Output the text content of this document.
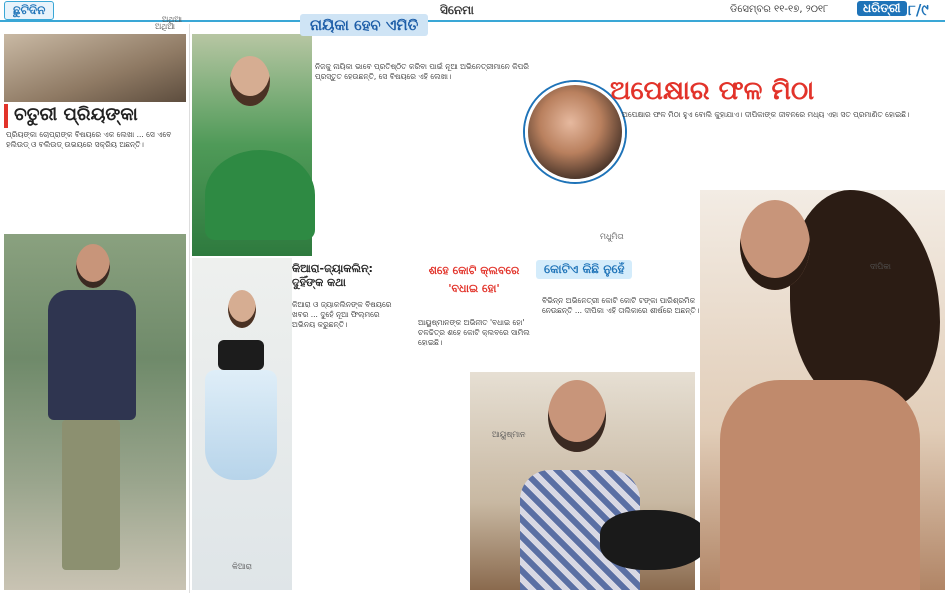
ଛୁଟିଦିନ	ସିନେମା	ଡିସେମ୍ବର ୧୧-୧୭, ୨୦୧୮	ଧରିତ୍ରୀ ୮/୯
ଅଥିଆ
ଚତୁରୀ ପ୍ରିୟଙ୍କା
ପ୍ରିୟଙ୍କା ଚୋପ୍ରାଙ୍କ ବିଷୟରେ ଏକ ଲେଖା ... ସେ ଏବେ ହଲିଉଡ୍ ଓ ବଲିଉଡ୍ ଉଭୟରେ ସକ୍ରିୟ ଅଛନ୍ତି।
ଅଥିଆ	ନାୟିକା ହେବ ଏମିତି
ନିଜକୁ ନାୟିକା ଭାବେ ପ୍ରତିଷ୍ଠିତ କରିବା ପାଇଁ ନୂଆ ଅଭିନେତ୍ରୀମାନେ କିପରି ପ୍ରସ୍ତୁତ ହେଉଛନ୍ତି, ସେ ବିଷୟରେ ଏହି ଲେଖା।
ମଧୁମିତା
ଅପେକ୍ଷାର ଫଳ ମିଠା
ଅପେକ୍ଷାର ଫଳ ମିଠା ହୁଏ ବୋଲି କୁହାଯାଏ। ଦୀପିକାଙ୍କ ଜୀବନରେ ମଧ୍ୟ ଏହା ସତ ପ୍ରମାଣିତ ହୋଇଛି।
କିଆରା
କିଆରା-ଜ୍ୟାକଲିନ୍: ଦୁହିଁଙ୍କ କଥା
କିଆରା ଓ ଜ୍ୟାକଲିନଙ୍କ ବିଷୟରେ ଖବର ... ଦୁହେଁ ନୂଆ ଫିଲ୍ମରେ ଅଭିନୟ କରୁଛନ୍ତି।
ଶହେ କୋଟି କ୍ଲବରେ 'ବଧାଇ ହୋ'
ଆୟୁଷ୍ମାନଙ୍କ ଅଭିନୀତ 'ବଧାଇ ହୋ' ଚଳଚ୍ଚିତ୍ର ଶହେ କୋଟି କ୍ଲବରେ ସାମିଲ ହୋଇଛି।
କୋଟିଏ କିଛି ନୁହେଁ
ବିଭିନ୍ନ ଅଭିନେତ୍ରୀ କୋଟି କୋଟି ଟଙ୍କା ପାରିଶ୍ରମିକ ନେଉଛନ୍ତି ... ଦୀପିକା ଏହି ତାଲିକାରେ ଶୀର୍ଷରେ ଅଛନ୍ତି।
ଆୟୁଷ୍ମାନ
ଦୀପିକା
